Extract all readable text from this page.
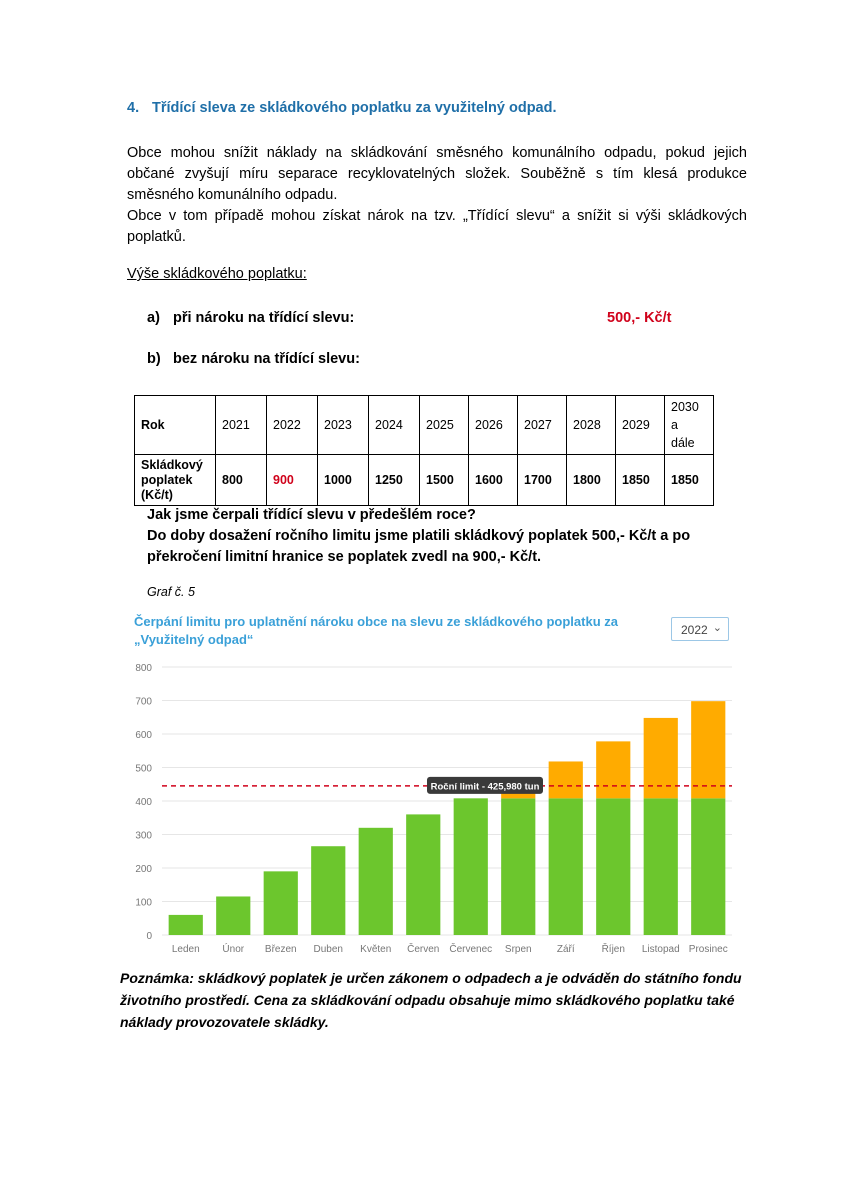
4. Třídící sleva ze skládkového poplatku za využitelný odpad.
Obce mohou snížit náklady na skládkování směsného komunálního odpadu, pokud jejich občané zvyšují míru separace recyklovatelných složek. Souběžně s tím klesá produkce směsného komunálního odpadu.
Obce v tom případě mohou získat nárok na tzv. „Třídící slevu“ a snížit si výši skládkových poplatků.
Výše skládkového poplatku:
a) při nároku na třídící slevu:	500,- Kč/t
b) bez nároku na třídící slevu:
Rok	2021	2022	2023	2024	2025	2026	2027	2028	2029	2030
a
dále

Skládkový
poplatek
(Kč/t)	800	900	1000	1250	1500	1600	1700	1800	1850	1850
Jak jsme čerpali třídící slevu v předešlém roce?
Do doby dosažení ročního limitu jsme platili skládkový poplatek 500,- Kč/t a po překročení limitní hranice se poplatek zvedl na 900,- Kč/t.
Graf č. 5
Čerpání limitu pro uplatnění nároku obce na slevu ze skládkového poplatku za „Využitelný odpad“
2022 ⌄
0
100
200
300
400
500
600
700
800
Leden Únor Březen Duben Květen Červen Červenec Srpen	Září	Říjen Listopad Prosinec
Roční limit - 425,980 tun
Poznámka: skládkový poplatek je určen zákonem o odpadech a je odváděn do státního fondu životního prostředí. Cena za skládkování odpadu obsahuje mimo skládkového poplatku také náklady provozovatele skládky.
